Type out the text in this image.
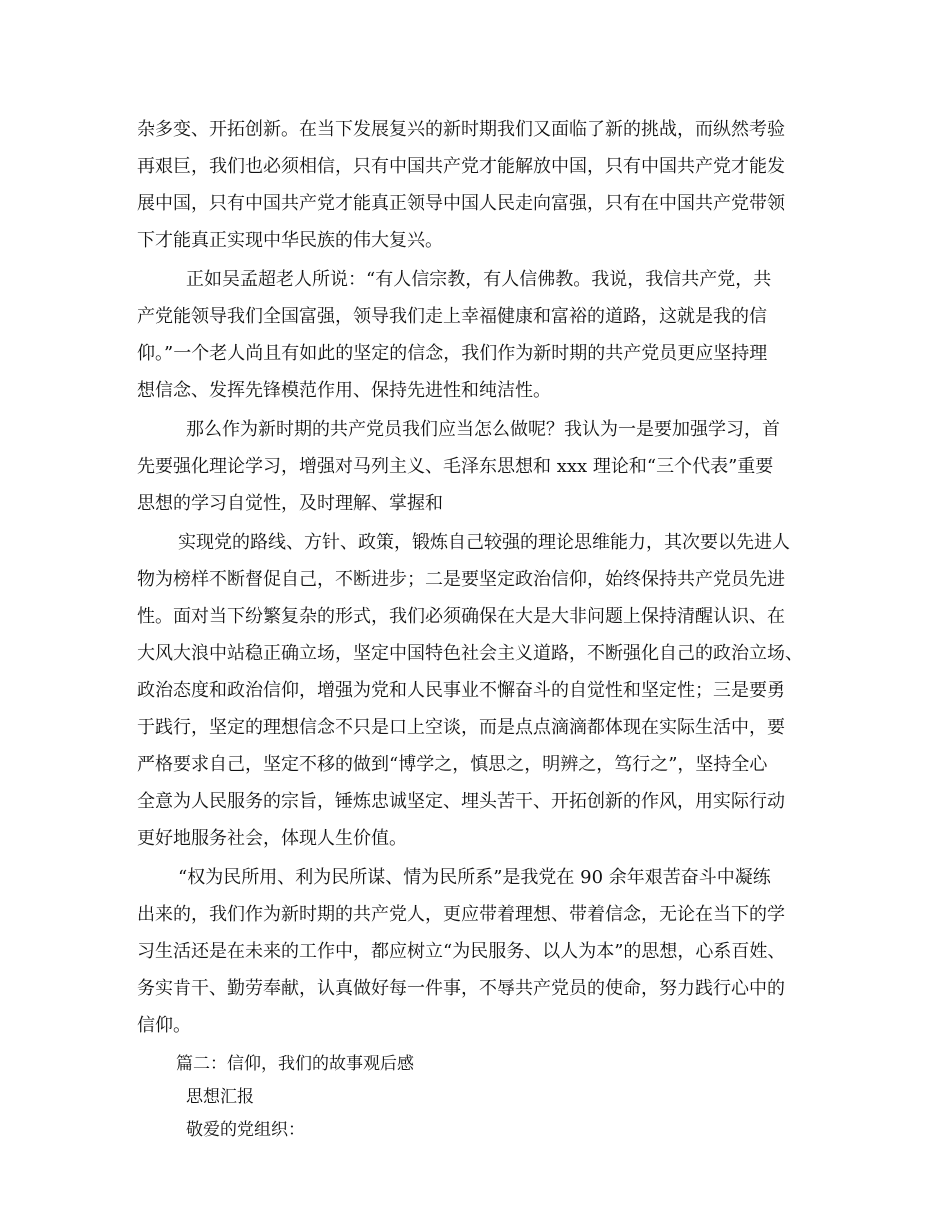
杂多变、开拓创新。在当下发展复兴的新时期我们又面临了新的挑战，而纵然考验
再艰巨，我们也必须相信，只有中国共产党才能解放中国，只有中国共产党才能发
展中国，只有中国共产党才能真正领导中国人民走向富强，只有在中国共产党带领
下才能真正实现中华民族的伟大复兴。
正如吴孟超老人所说：“有人信宗教，有人信佛教。我说，我信共产党，共
产党能领导我们全国富强，领导我们走上幸福健康和富裕的道路，这就是我的信
仰。”一个老人尚且有如此的坚定的信念，我们作为新时期的共产党员更应坚持理
想信念、发挥先锋模范作用、保持先进性和纯洁性。
那么作为新时期的共产党员我们应当怎么做呢？我认为一是要加强学习，首
先要强化理论学习，增强对马列主义、毛泽东思想和 xxx 理论和“三个代表”重要
思想的学习自觉性，及时理解、掌握和
实现党的路线、方针、政策，锻炼自己较强的理论思维能力，其次要以先进人
物为榜样不断督促自己，不断进步；二是要坚定政治信仰，始终保持共产党员先进
性。面对当下纷繁复杂的形式，我们必须确保在大是大非问题上保持清醒认识、在
大风大浪中站稳正确立场，坚定中国特色社会主义道路，不断强化自己的政治立场、
政治态度和政治信仰，增强为党和人民事业不懈奋斗的自觉性和坚定性；三是要勇
于践行，坚定的理想信念不只是口上空谈，而是点点滴滴都体现在实际生活中，要
严格要求自己，坚定不移的做到“博学之，慎思之，明辨之，笃行之”，坚持全心
全意为人民服务的宗旨，锤炼忠诚坚定、埋头苦干、开拓创新的作风，用实际行动
更好地服务社会，体现人生价值。
“权为民所用、利为民所谋、情为民所系”是我党在 90 余年艰苦奋斗中凝练
出来的，我们作为新时期的共产党人，更应带着理想、带着信念，无论在当下的学
习生活还是在未来的工作中，都应树立“为民服务、以人为本”的思想，心系百姓、
务实肯干、勤劳奉献，认真做好每一件事，不辱共产党员的使命，努力践行心中的
信仰。
篇二：信仰，我们的故事观后感
思想汇报
敬爱的党组织：
